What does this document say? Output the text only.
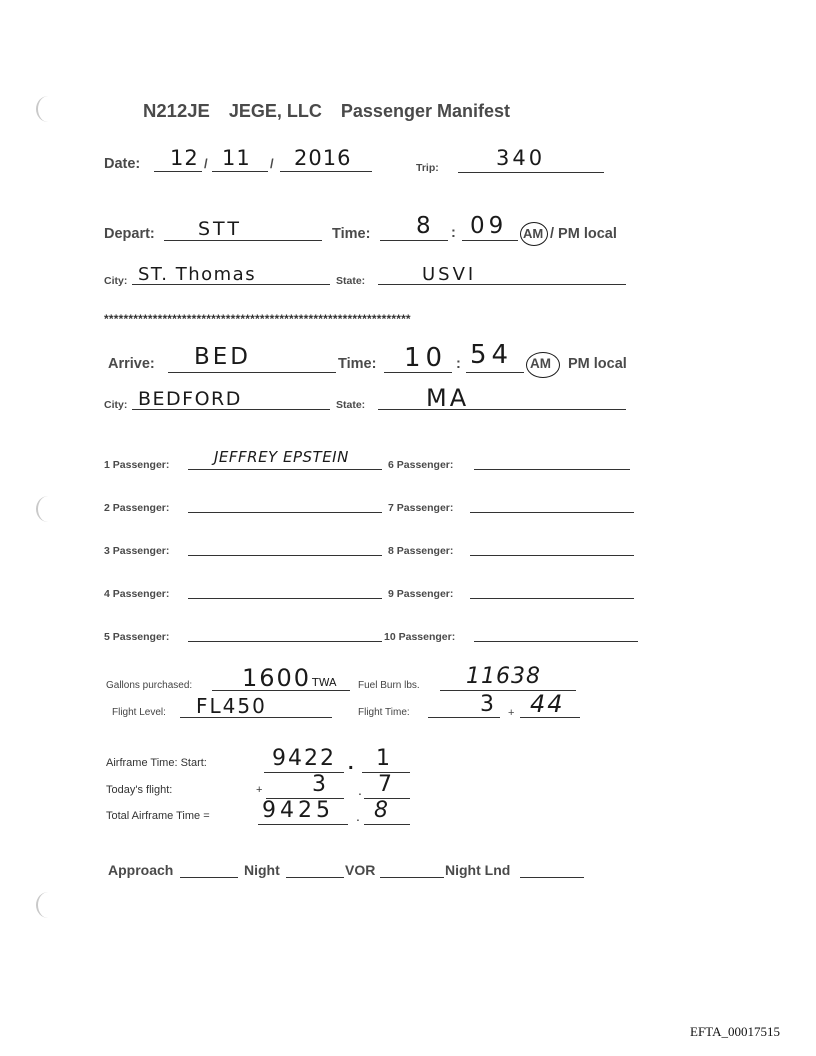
N212JE JEGE, LLC Passenger Manifest
Date: 12 / 11 / 2016	Trip:	340
Depart: STT	Time: 8 : 09 AM / PM local
City: ST. Thomas	State:	USVI
***************************************************************
Arrive: BED	Time: 10 : 54 AM PM local
City: BEDFORD	State:	MA
1 Passenger:	JEFFREY EPSTEIN	6 Passenger:
2 Passenger:	7 Passenger:
3 Passenger:	8 Passenger:
4 Passenger:	9 Passenger:
5 Passenger:	10 Passenger:
Gallons purchased: 1600 TWA Fuel Burn lbs. 11638
Flight Level: FL450	Flight Time:	3 + 44
Airframe Time: Start:	9422 . 1
Today's flight:	+ 3 . 7
Total Airframe Time = 9425 . 8
Approach	Night	VOR	Night Lnd
EFTA_00017515
